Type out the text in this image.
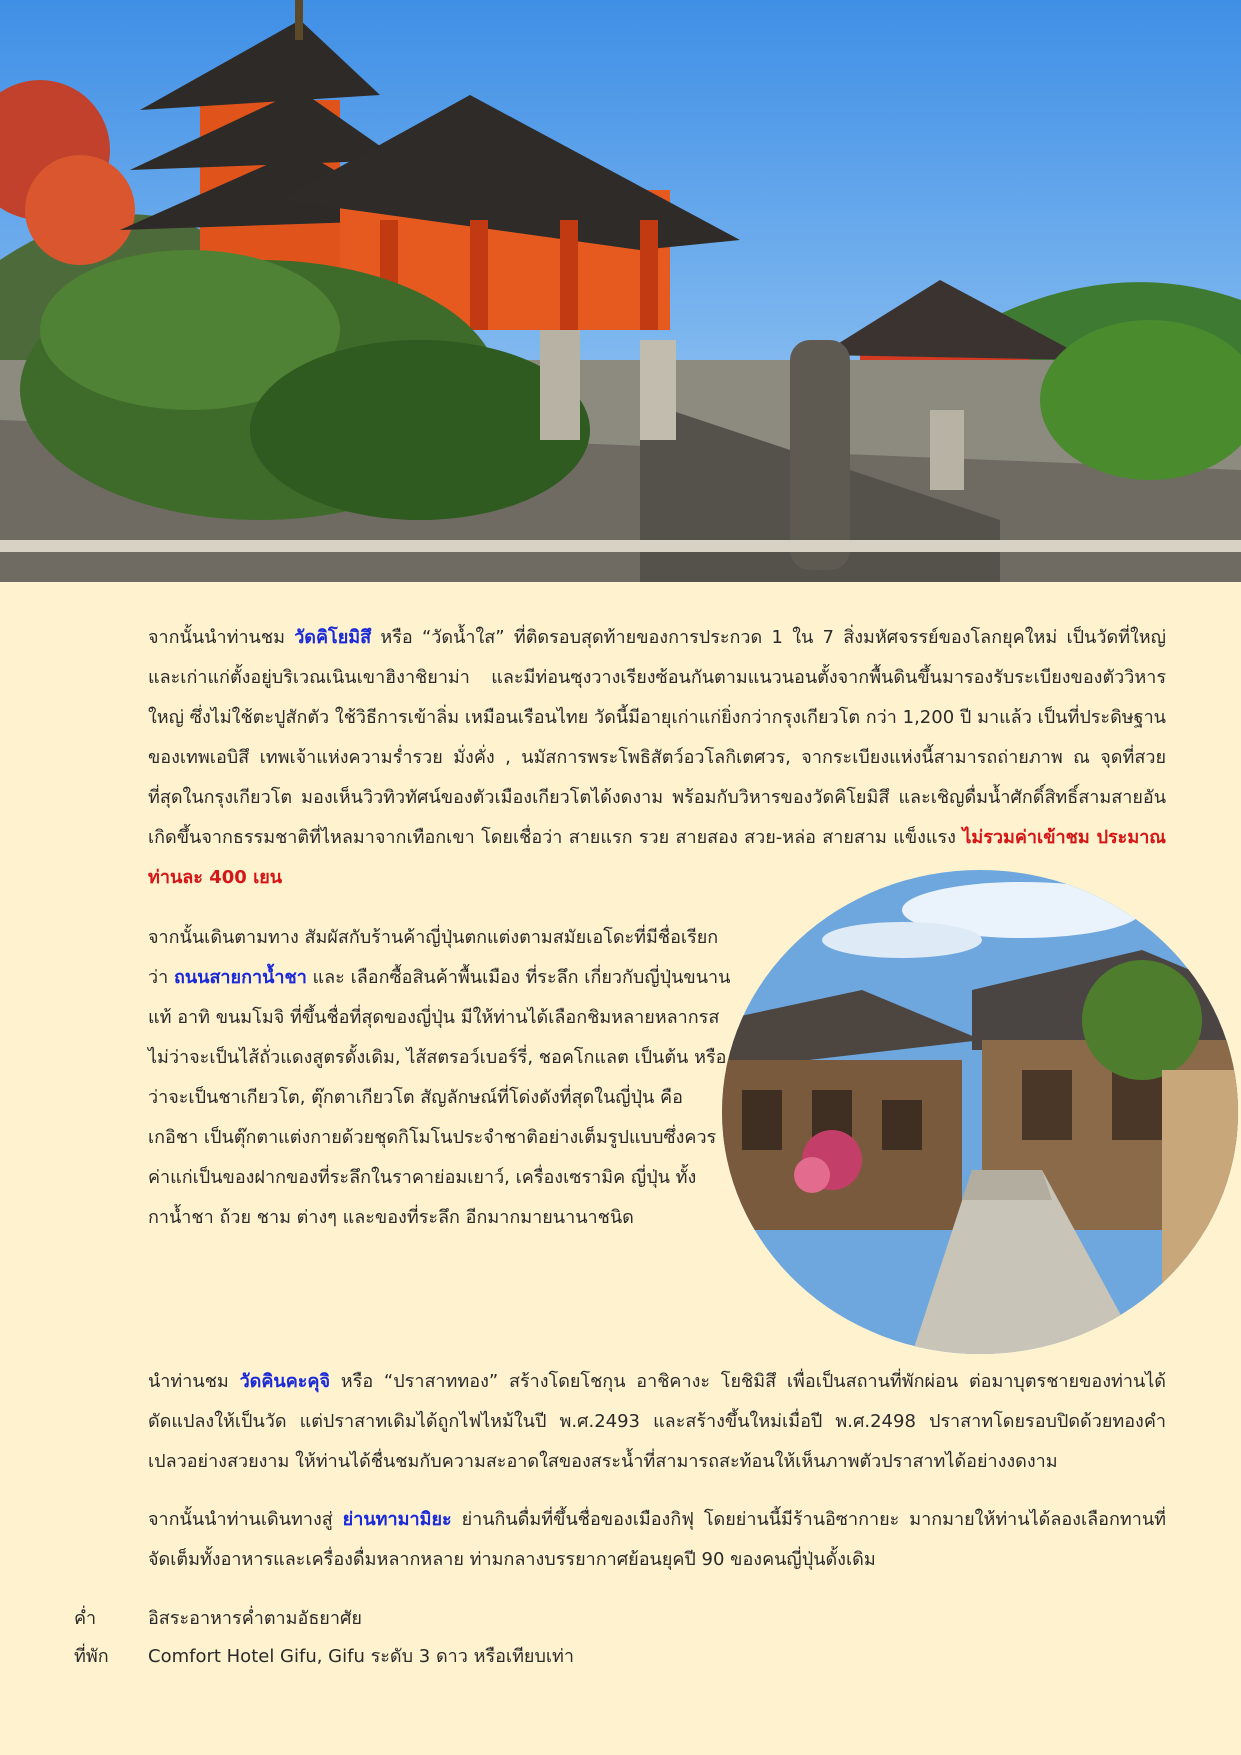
จากนั้นนำท่านชม วัดคิโยมิสึ หรือ “วัดน้ำใส” ที่ติดรอบสุดท้ายของการประกวด 1 ใน 7 สิ่งมหัศจรรย์ของโลกยุคใหม่ เป็นวัดที่ใหญ่และเก่าแก่ตั้งอยู่บริเวณเนินเขาฮิงาชิยาม่า และมีท่อนซุงวางเรียงซ้อนกันตามแนวนอนตั้งจากพื้นดินขึ้นมารองรับระเบียงของตัววิหารใหญ่ ซึ่งไม่ใช้ตะปูสักตัว ใช้วิธีการเข้าลิ่ม เหมือนเรือนไทย วัดนี้มีอายุเก่าแก่ยิ่งกว่ากรุงเกียวโต กว่า 1,200 ปี มาแล้ว เป็นที่ประดิษฐานของเทพเอบิสึ เทพเจ้าแห่งความร่ำรวย มั่งคั่ง , นมัสการพระโพธิสัตว์อวโลกิเตศวร, จากระเบียงแห่งนี้สามารถถ่ายภาพ ณ จุดที่สวยที่สุดในกรุงเกียวโต มองเห็นวิวทิวทัศน์ของตัวเมืองเกียวโตได้งดงาม พร้อมกับวิหารของวัดคิโยมิสึ และเชิญดื่มน้ำศักดิ์สิทธิ์สามสายอันเกิดขึ้นจากธรรมชาติที่ไหลมาจากเทือกเขา โดยเชื่อว่า สายแรก รวย สายสอง สวย-หล่อ สายสาม แข็งแรง ไม่รวมค่าเข้าชม ประมาณท่านละ 400 เยน

จากนั้นเดินตามทาง สัมผัสกับร้านค้าญี่ปุ่นตกแต่งตามสมัยเอโดะที่มีชื่อเรียกว่า ถนนสายกาน้ำชา และ เลือกซื้อสินค้าพื้นเมือง ที่ระลึก เกี่ยวกับญี่ปุ่นขนานแท้ อาทิ ขนมโมจิ ที่ขึ้นชื่อที่สุดของญี่ปุ่น มีให้ท่านได้เลือกชิมหลายหลากรส ไม่ว่าจะเป็นไส้ถั่วแดงสูตรดั้งเดิม, ไส้สตรอว์เบอร์รี่, ชอคโกแลต เป็นต้น หรือว่าจะเป็นชาเกียวโต, ตุ๊กตาเกียวโต สัญลักษณ์ที่โด่งดังที่สุดในญี่ปุ่น คือ เกอิชา เป็นตุ๊กตาแต่งกายด้วยชุดกิโมโนประจำชาติอย่างเต็มรูปแบบซึ่งควรค่าแก่เป็นของฝากของที่ระลึกในราคาย่อมเยาว์, เครื่องเซรามิค ญี่ปุ่น ทั้งกาน้ำชา ถ้วย ชาม ต่างๆ และของที่ระลึก อีกมากมายนานาชนิด

นำท่านชม วัดคินคะคุจิ หรือ “ปราสาททอง” สร้างโดยโชกุน อาชิคางะ โยชิมิสึ เพื่อเป็นสถานที่พักผ่อน ต่อมาบุตรชายของท่านได้ดัดแปลงให้เป็นวัด แต่ปราสาทเดิมได้ถูกไฟไหม้ในปี พ.ศ.2493 และสร้างขึ้นใหม่เมื่อปี พ.ศ.2498 ปราสาทโดยรอบปิดด้วยทองคำเปลวอย่างสวยงาม ให้ท่านได้ชื่นชมกับความสะอาดใสของสระน้ำที่สามารถสะท้อนให้เห็นภาพตัวปราสาทได้อย่างงดงาม

จากนั้นนำท่านเดินทางสู่ ย่านทามามิยะ ย่านกินดื่มที่ขึ้นชื่อของเมืองกิฟุ โดยย่านนี้มีร้านอิซากายะ มากมายให้ท่านได้ลองเลือกทานที่จัดเต็มทั้งอาหารและเครื่องดื่มหลากหลาย ท่ามกลางบรรยากาศย้อนยุคปี 90 ของคนญี่ปุ่นดั้งเดิม

ค่ำ	อิสระอาหารค่ำตามอัธยาศัย
ที่พัก	Comfort Hotel Gifu, Gifu ระดับ 3 ดาว หรือเทียบเท่า
